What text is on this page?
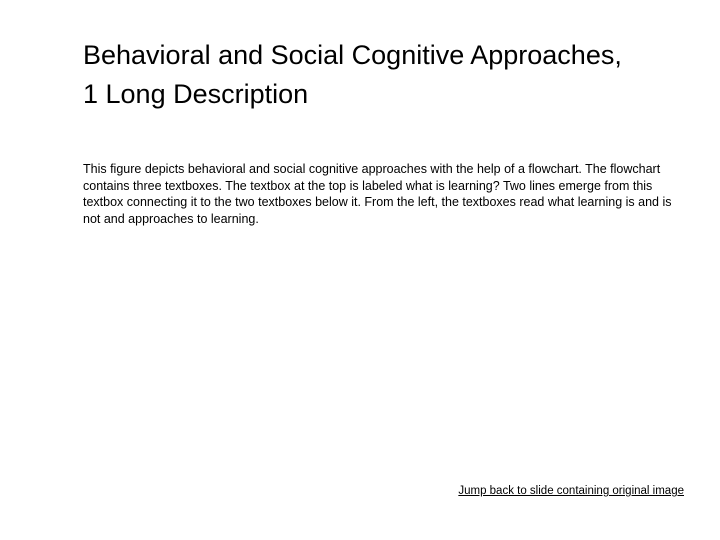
Behavioral and Social Cognitive Approaches, 1 Long Description

This figure depicts behavioral and social cognitive approaches with the help of a flowchart. The flowchart contains three textboxes. The textbox at the top is labeled what is learning? Two lines emerge from this textbox connecting it to the two textboxes below it. From the left, the textboxes read what learning is and is not and approaches to learning.

Jump back to slide containing original image
